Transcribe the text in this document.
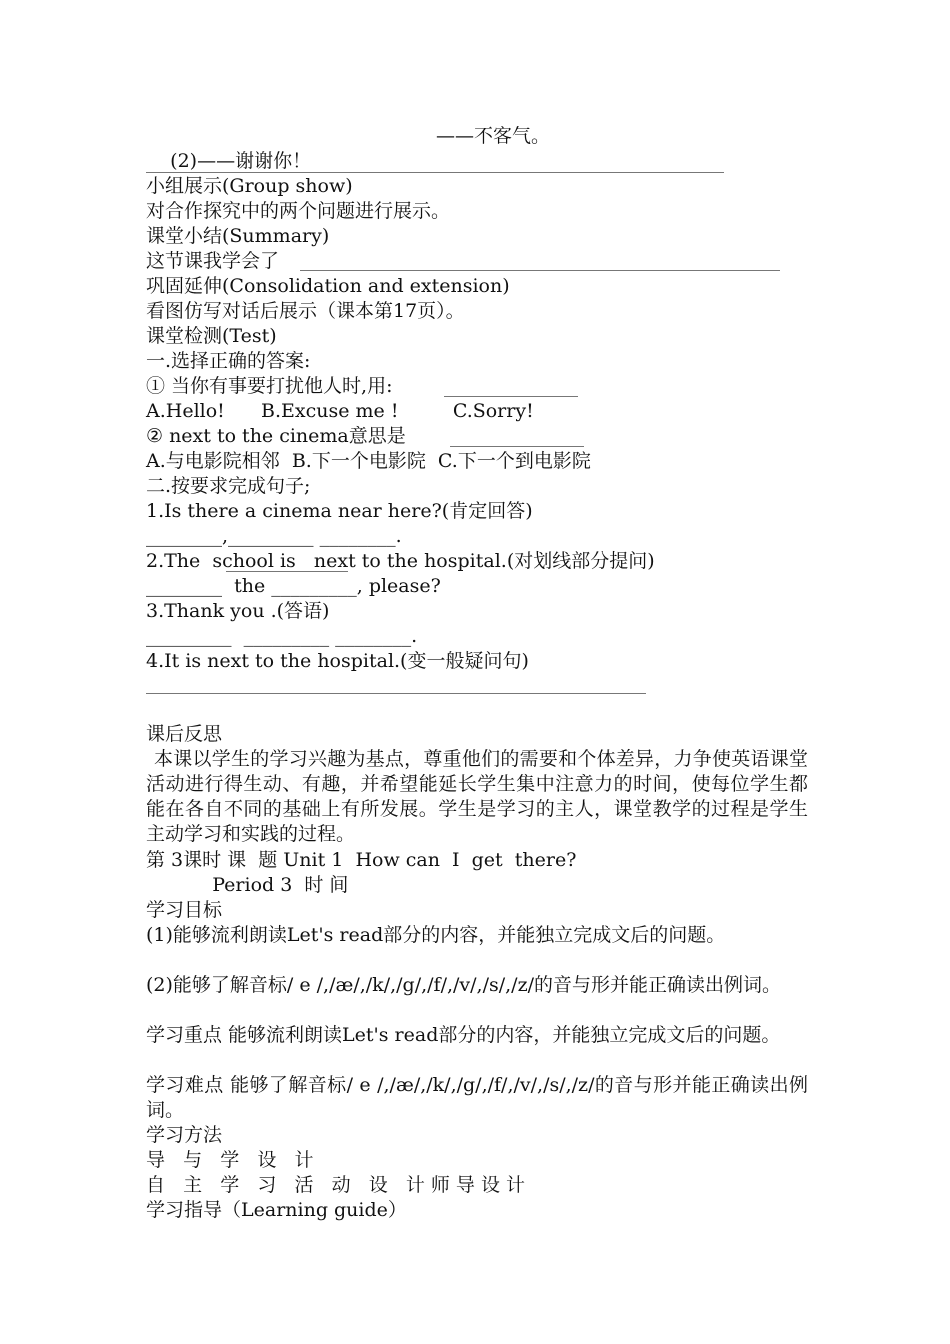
(2)——谢谢你！

——不客气。
小组展示(Group show)
对合作探究中的两个问题进行展示。
课堂小结(Summary)
这节课我学会了
巩固延伸(Consolidation and extension)
看图仿写对话后展示（课本第17页）。
课堂检测(Test)
一.选择正确的答案:
① 当你有事要打扰他人时,用:
A.Hello!      B.Excuse me !         C.Sorry!
② next to the cinema意思是
A.与电影院相邻  B.下一个电影院  C.下一个到电影院
二.按要求完成句子;
1.Is there a cinema near here?(肯定回答)
________,_________ ________.
2.The  school is   next to the hospital.(对划线部分提问)
________  the _________, please?
3.Thank you .(答语)
_________  _________ ________.
4.It is next to the hospital.(变一般疑问句)
课后反思
本课以学生的学习兴趣为基点，尊重他们的需要和个体差异，力争使英语课堂活动进行得生动、有趣，并希望能延长学生集中注意力的时间，使每位学生都能在各自不同的基础上有所发展。学生是学习的主人，课堂教学的过程是学生主动学习和实践的过程。
第 3课时 课  题 Unit 1  How can  I  get  there?
Period 3  时 间
学习目标
(1)能够流利朗读Let's read部分的内容，并能独立完成文后的问题。
(2)能够了解音标/ e /,/æ/,/k/,/g/,/f/,/v/,/s/,/z/的音与形并能正确读出例词。
学习重点 能够流利朗读Let's read部分的内容，并能独立完成文后的问题。
学习难点 能够了解音标/ e /,/æ/,/k/,/g/,/f/,/v/,/s/,/z/的音与形并能正确读出例词。
学习方法
导   与   学   设   计
自   主   学   习   活   动   设   计 师 导 设 计
学习指导（Learning guide）
